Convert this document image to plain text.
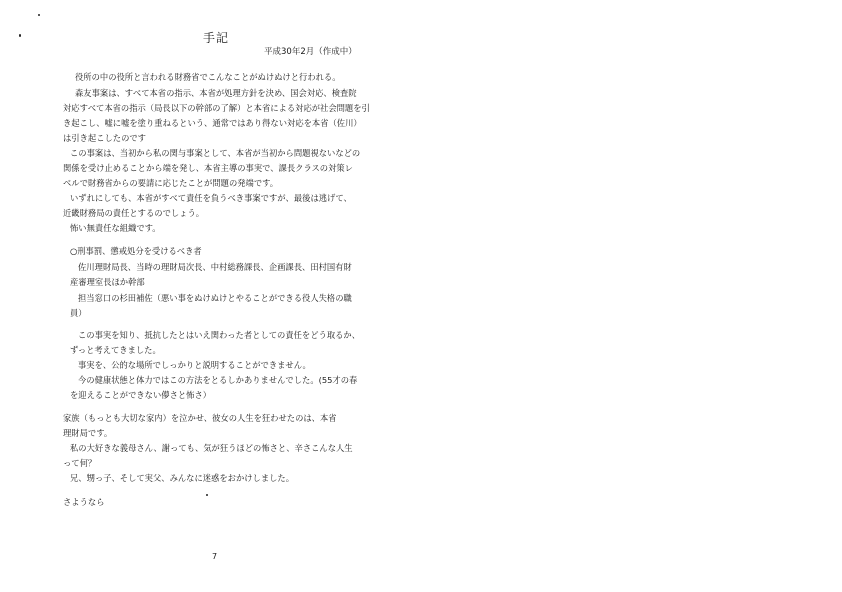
手記
平成30年2月（作成中）
役所の中の役所と言われる財務省でこんなことがぬけぬけと行われる。
森友事案は、すべて本省の指示、本省が処理方針を決め、国会対応、検査院
対応すべて本省の指示（局長以下の幹部の了解）と本省による対応が社会問題を引
き起こし、嘘に嘘を塗り重ねるという、通常ではあり得ない対応を本省（佐川）
は引き起こしたのです
この事案は、当初から私の関与事案として、本省が当初から問題視ないなどの
関係を受け止めることから端を発し、本省主導の事実で、課長クラスの対策レ
ベルで財務省からの要請に応じたことが問題の発端です。
いずれにしても、本省がすべて責任を負うべき事案ですが、最後は逃げて、
近畿財務局の責任とするのでしょう。
怖い無責任な組織です。
○刑事罰、懲戒処分を受けるべき者
佐川理財局長、当時の理財局次長、中村総務課長、企画課長、田村国有財
産審理室長ほか幹部
担当窓口の杉田補佐（悪い事をぬけぬけとやることができる役人失格の職
員）
この事実を知り、抵抗したとはいえ関わった者としての責任をどう取るか、
ずっと考えてきました。
事実を、公的な場所でしっかりと説明することができません。
今の健康状態と体力ではこの方法をとるしかありませんでした。(55才の春
を迎えることができない儚さと怖さ）
家族（もっとも大切な家内）を泣かせ、彼女の人生を狂わせたのは、本省
理財局です。
私の大好きな義母さん、謝っても、気が狂うほどの怖さと、辛さこんな人生
って何？
兄、甥っ子、そして実父、みんなに迷惑をおかけしました。
さようなら
7
